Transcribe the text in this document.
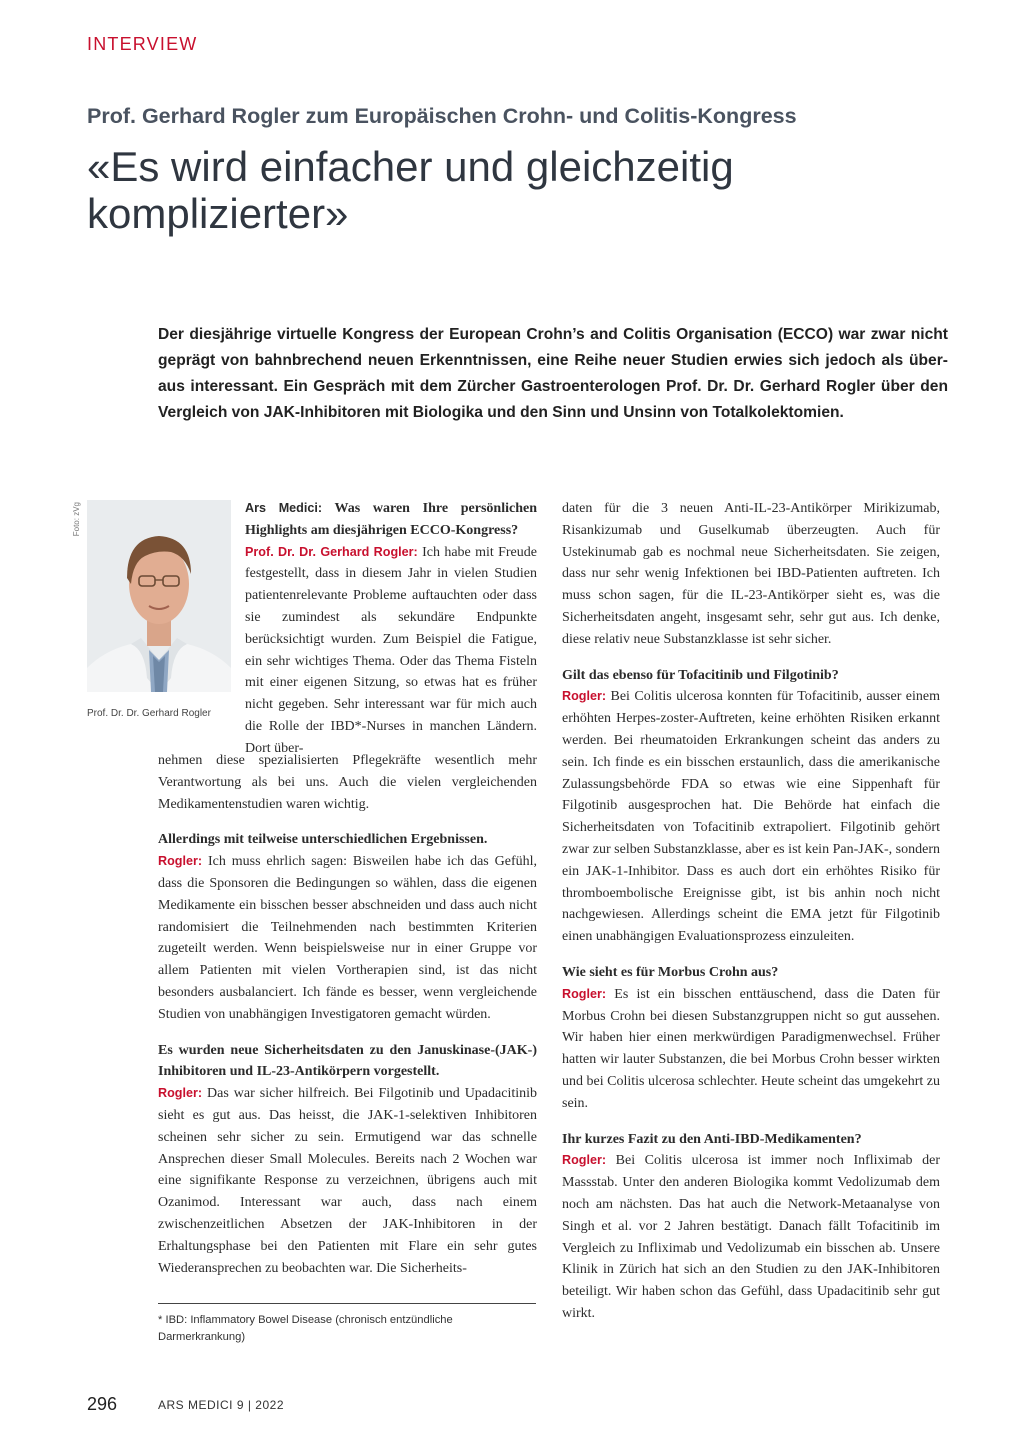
INTERVIEW
Prof. Gerhard Rogler zum Europäischen Crohn- und Colitis-Kongress
«Es wird einfacher und gleichzeitig
komplizierter»
Der diesjährige virtuelle Kongress der European Crohn’s and Colitis Organisation (ECCO) war zwar nicht
geprägt von bahnbrechend neuen Erkenntnissen, eine Reihe neuer Studien erwies sich jedoch als über-
aus interessant. Ein Gespräch mit dem Zürcher Gastroenterologen Prof. Dr. Dr. Gerhard Rogler über den
Vergleich von JAK-Inhibitoren mit Biologika und den Sinn und Unsinn von Totalkolektomien.
Foto: zVg
Prof. Dr. Dr. Gerhard Rogler
Ars Medici: Was waren Ihre persönlichen Highlights am diesjährigen ECCO-Kongress?
Prof. Dr. Dr. Gerhard Rogler: Ich habe mit Freude festgestellt, dass in diesem Jahr in vielen Studien patientenrelevante Probleme auftauchten oder dass sie zumindest als sekundäre Endpunkte berücksichtigt wurden. Zum Beispiel die Fatigue, ein sehr wichtiges Thema. Oder das Thema Fisteln mit einer eigenen Sitzung, so etwas hat es früher nicht gegeben. Sehr interessant war für mich auch die Rolle der IBD*-Nurses in manchen Ländern. Dort über-

nehmen diese spezialisierten Pflegekräfte wesentlich mehr Verantwortung als bei uns. Auch die vielen vergleichenden Medikamentenstudien waren wichtig.

Allerdings mit teilweise unterschiedlichen Ergebnissen.

Rogler: Ich muss ehrlich sagen: Bisweilen habe ich das Gefühl, dass die Sponsoren die Bedingungen so wählen, dass die eigenen Medikamente ein bisschen besser abschneiden und dass auch nicht randomisiert die Teilnehmenden nach bestimmten Kriterien zugeteilt werden. Wenn beispielsweise nur in einer Gruppe vor allem Patienten mit vielen Vortherapien sind, ist das nicht besonders ausbalanciert. Ich fände es besser, wenn vergleichende Studien von unabhängigen Investigatoren gemacht würden.

Es wurden neue Sicherheitsdaten zu den Januskinase-(JAK-) Inhibitoren und IL-23-Antikörpern vorgestellt.

Rogler: Das war sicher hilfreich. Bei Filgotinib und Upadacitinib sieht es gut aus. Das heisst, die JAK-1-selektiven Inhibitoren scheinen sehr sicher zu sein. Ermutigend war das schnelle Ansprechen dieser Small Molecules. Bereits nach 2 Wochen war eine signifikante Response zu verzeichnen, übrigens auch mit Ozanimod. Interessant war auch, dass nach einem zwischenzeitlichen Absetzen der JAK-Inhibitoren in der Erhaltungsphase bei den Patienten mit Flare ein sehr gutes Wiederansprechen zu beobachten war. Die Sicherheits-

* IBD: Inflammatory Bowel Disease (chronisch entzündliche Darmerkrankung)

daten für die 3 neuen Anti-IL-23-Antikörper Mirikizumab, Risankizumab und Guselkumab überzeugten. Auch für Ustekinumab gab es nochmal neue Sicherheitsdaten. Sie zeigen, dass nur sehr wenig Infektionen bei IBD-Patienten auftreten. Ich muss schon sagen, für die IL-23-Antikörper sieht es, was die Sicherheitsdaten angeht, insgesamt sehr, sehr gut aus. Ich denke, diese relativ neue Substanzklasse ist sehr sicher.

Gilt das ebenso für Tofacitinib und Filgotinib?

Rogler: Bei Colitis ulcerosa konnten für Tofacitinib, ausser einem erhöhten Herpes-zoster-Auftreten, keine erhöhten Risiken erkannt werden. Bei rheumatoiden Erkrankungen scheint das anders zu sein. Ich finde es ein bisschen erstaunlich, dass die amerikanische Zulassungsbehörde FDA so etwas wie eine Sippenhaft für Filgotinib ausgesprochen hat. Die Behörde hat einfach die Sicherheitsdaten von Tofacitinib extrapoliert. Filgotinib gehört zwar zur selben Substanzklasse, aber es ist kein Pan-JAK-, sondern ein JAK-1-Inhibitor. Dass es auch dort ein erhöhtes Risiko für thromboembolische Ereignisse gibt, ist bis anhin noch nicht nachgewiesen. Allerdings scheint die EMA jetzt für Filgotinib einen unabhängigen Evaluationsprozess einzuleiten.

Wie sieht es für Morbus Crohn aus?

Rogler: Es ist ein bisschen enttäuschend, dass die Daten für Morbus Crohn bei diesen Substanzgruppen nicht so gut aussehen. Wir haben hier einen merkwürdigen Paradigmenwechsel. Früher hatten wir lauter Substanzen, die bei Morbus Crohn besser wirkten und bei Colitis ulcerosa schlechter. Heute scheint das umgekehrt zu sein.

Ihr kurzes Fazit zu den Anti-IBD-Medikamenten?

Rogler: Bei Colitis ulcerosa ist immer noch Infliximab der Massstab. Unter den anderen Biologika kommt Vedolizumab dem noch am nächsten. Das hat auch die Network-Metaanalyse von Singh et al. vor 2 Jahren bestätigt. Danach fällt Tofacitinib im Vergleich zu Infliximab und Vedolizumab ein bisschen ab. Unsere Klinik in Zürich hat sich an den Studien zu den JAK-Inhibitoren beteiligt. Wir haben schon das Gefühl, dass Upadacitinib sehr gut wirkt.

296	ARS MEDICI 9 | 2022
